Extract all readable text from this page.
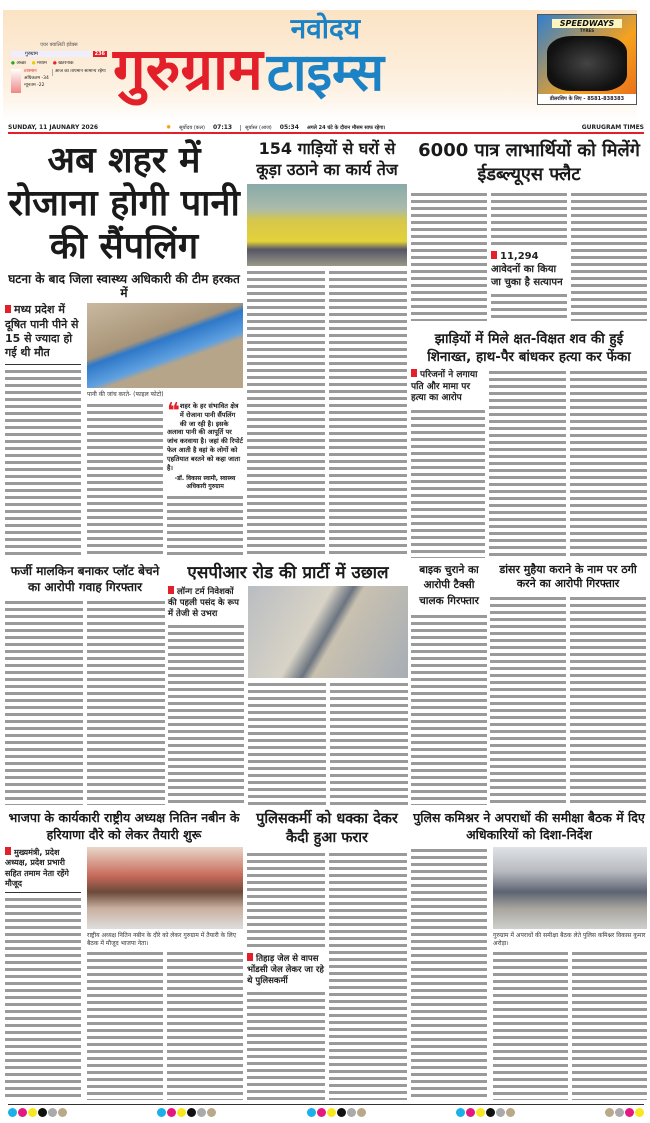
एयर क्वालिटी इंडेक्स
गुरुग्राम	236
● अच्छा ● मध्यम ● खतरनाक
तापमान
अधिकतम -34
न्यूनतम -22
आज का तापमान सामान्य रहेगा गुरुग्राम
नवोदय
टाइम्स
SPEEDWAYS
TYRES
डीलरशिप के लिए - 8581-838383
SUNDAY, 11 JAUNARY 2026	✹ सूर्योदय (कल) 07:13	सूर्यास्त (आज) 05:34 अगले 24 घंटे के दौरान मौसम साफ रहेगा।	GURUGRAM TIMES
अब शहर में रोजाना होगी पानी की सैंपलिंग
घटना के बाद जिला स्वास्थ्य अधिकारी की टीम हरकत में
मध्य प्रदेश में दूषित पानी पीने से 15 से ज्यादा हो गई थी मौत
पानी की जांच करते- (फाइल फोटो)
❝ शहर के हर संभावित क्षेत्र में रोजाना पानी सैंपलिंग की जा रही है। इसके अलावा पानी की आपूर्ति पर जांच करवाया है। जहां की रिपोर्ट फेल आती है वहां के लोगों को एहतियात बरतने को कहा जाता है।
-डॉ. विकास स्वामी, स्वास्थ्य अधिकारी गुरुग्राम
154 गाड़ियों से घरों से कूड़ा उठाने का कार्य तेज
6000 पात्र लाभार्थियों को मिलेंगे ईडब्ल्यूएस फ्लैट
11,294 आवेदनों का किया जा चुका है सत्यापन
झाड़ियों में मिले क्षत-विक्षत शव की हुई शिनाख्त, हाथ-पैर बांधकर हत्या कर फेंका
परिजनों ने लगाया पति और मामा पर हत्या का आरोप
फर्जी मालकिन बनाकर प्लॉट बेचने का आरोपी गवाह गिरफ्तार
एसपीआर रोड की प्रार्टी में उछाल
लॉन्ग टर्म निवेशकों की पहली पसंद के रूप में तेजी से उभरा
बाइक चुराने का आरोपी टैक्सी चालक गिरफ्तार
डांसर मुहैया कराने के नाम पर ठगी करने का आरोपी गिरफ्तार
भाजपा के कार्यकारी राष्ट्रीय अध्यक्ष नितिन नबीन के हरियाणा दौरे को लेकर तैयारी शुरू
मुख्यमंत्री, प्रदेश अध्यक्ष, प्रदेश प्रभारी सहित तमाम नेता रहेंगे मौजूद
राष्ट्रीय अध्यक्ष नितिन नबीन के दौरे को लेकर गुरुग्राम में तैयारी के लिए बैठक में मौजूद भाजपा नेता।
पुलिसकर्मी को धक्का देकर कैदी हुआ फरार
तिहाड़ जेल से वापस भोंडसी जेल लेकर जा रहे थे पुलिसकर्मी
पुलिस कमिश्नर ने अपराधों की समीक्षा बैठक में दिए अधिकारियों को दिशा-निर्देश
गुरुग्राम में अपराधों की समीक्षा बैठक लेते पुलिस कमिश्नर विकास कुमार अरोड़ा।
